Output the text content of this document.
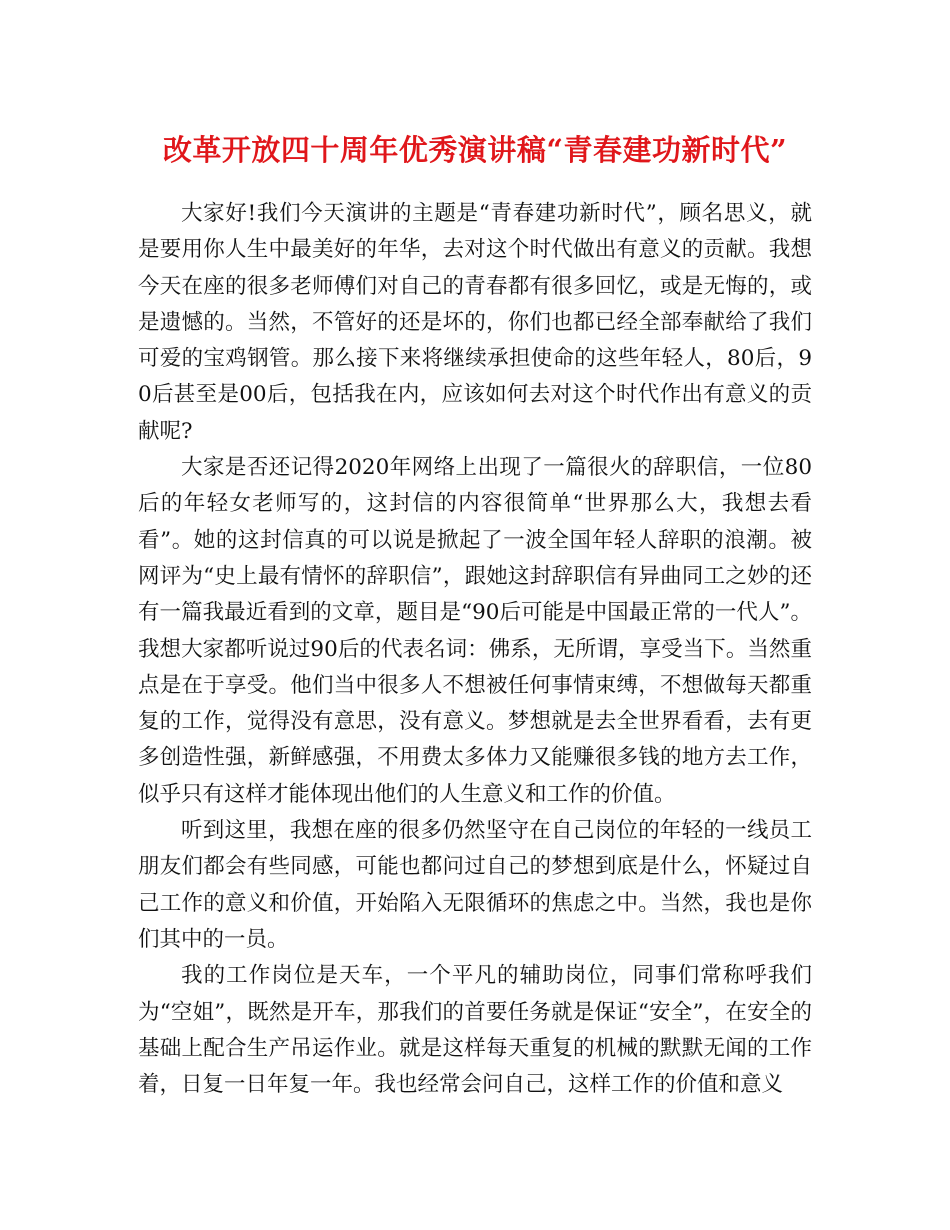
改革开放四十周年优秀演讲稿“青春建功新时代”

大家好!我们今天演讲的主题是“青春建功新时代”，顾名思义，就是要用你人生中最美好的年华，去对这个时代做出有意义的贡献。我想今天在座的很多老师傅们对自己的青春都有很多回忆，或是无悔的，或是遗憾的。当然，不管好的还是坏的，你们也都已经全部奉献给了我们可爱的宝鸡钢管。那么接下来将继续承担使命的这些年轻人，80后，90后甚至是00后，包括我在内，应该如何去对这个时代作出有意义的贡献呢?

大家是否还记得2020年网络上出现了一篇很火的辞职信，一位80后的年轻女老师写的，这封信的内容很简单“世界那么大，我想去看看”。她的这封信真的可以说是掀起了一波全国年轻人辞职的浪潮。被网评为“史上最有情怀的辞职信”，跟她这封辞职信有异曲同工之妙的还有一篇我最近看到的文章，题目是“90后可能是中国最正常的一代人”。我想大家都听说过90后的代表名词：佛系，无所谓，享受当下。当然重点是在于享受。他们当中很多人不想被任何事情束缚，不想做每天都重复的工作，觉得没有意思，没有意义。梦想就是去全世界看看，去有更多创造性强，新鲜感强，不用费太多体力又能赚很多钱的地方去工作，似乎只有这样才能体现出他们的人生意义和工作的价值。

听到这里，我想在座的很多仍然坚守在自己岗位的年轻的一线员工朋友们都会有些同感，可能也都问过自己的梦想到底是什么，怀疑过自己工作的意义和价值，开始陷入无限循环的焦虑之中。当然，我也是你们其中的一员。

我的工作岗位是天车，一个平凡的辅助岗位，同事们常称呼我们为“空姐”，既然是开车，那我们的首要任务就是保证“安全”，在安全的基础上配合生产吊运作业。就是这样每天重复的机械的默默无闻的工作着，日复一日年复一年。我也经常会问自己，这样工作的价值和意义
